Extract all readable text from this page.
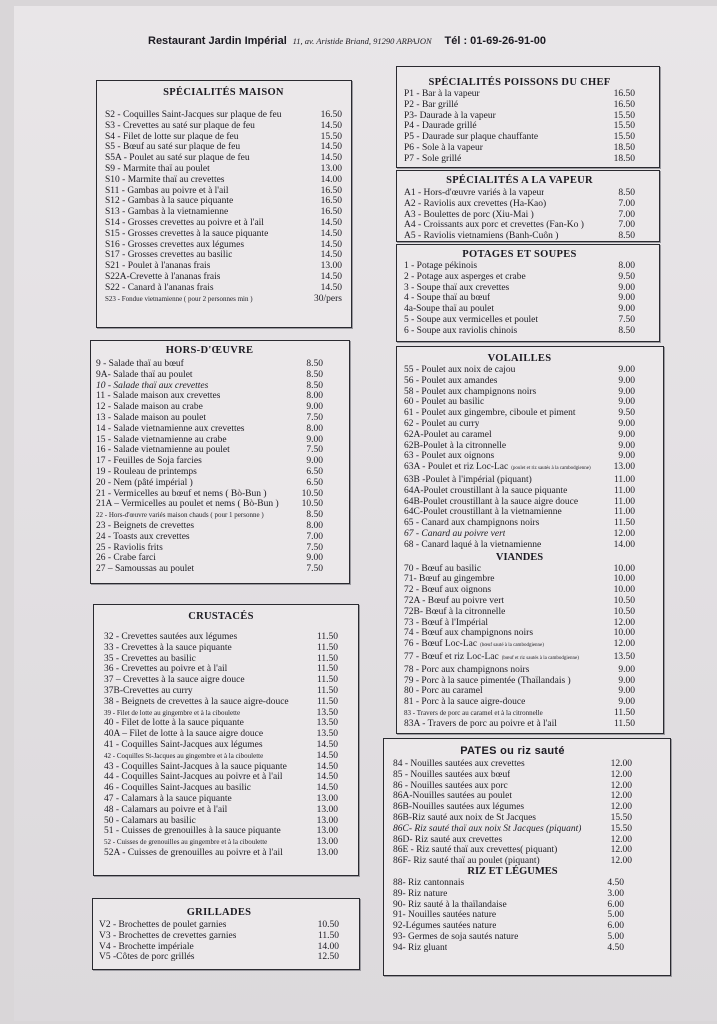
Restaurant Jardin Impérial 11, av. Aristide Briand, 91290 ARPAJON Tél : 01-69-26-91-00
SPÉCIALITÉS MAISON
S2 - Coquilles Saint-Jacques sur plaque de feu	16.50
S3 - Crevettes au saté sur plaque de feu	14.50
S4 - Filet de lotte sur plaque de feu	15.50
S5 - Bœuf au saté sur plaque de feu	14.50
S5A - Poulet au saté sur plaque de feu	14.50
S9 - Marmite thaï au poulet	13.00
S10 - Marmite thaï au crevettes	14.00
S11 - Gambas au poivre et à l'ail	16.50
S12 - Gambas à la sauce piquante	16.50
S13 - Gambas à la vietnamienne	16.50
S14 - Grosses crevettes au poivre et à l'ail	14.50
S15 - Grosses crevettes à la sauce piquante	14.50
S16 - Grosses crevettes aux légumes	14.50
S17 - Grosses crevettes au basilic	14.50
S21 - Poulet à l'ananas frais	13.00
S22A-Crevette à l'ananas frais	14.50
S22 - Canard à l'ananas frais	14.50
S23 - Fondue vietnamienne ( pour 2 personnes min )	30/pers
HORS-D'ŒUVRE
9 - Salade thaï au bœuf	8.50
9A- Salade thaï au poulet	8.50
10 - Salade thaï aux crevettes	8.50
11 - Salade maison aux crevettes	8.00
12 - Salade maison au crabe	9.00
13 - Salade maison au poulet	7.50
14 - Salade vietnamienne aux crevettes	8.00
15 - Salade vietnamienne au crabe	9.00
16 - Salade vietnamienne au poulet	7.50
17 - Feuilles de Soja farcies	9.00
19 - Rouleau de printemps	6.50
20 - Nem (pâté impérial )	6.50
21 - Vermicelles au bœuf et nems ( Bò-Bun )	10.50
21A – Vermicelles au poulet et nems ( Bò-Bun ) 10.50
22 - Hors-d'œuvre variés maison chauds ( pour 1 personne )	8.50
23 - Beignets de crevettes	8.00
24 - Toasts aux crevettes	7.00
25 - Raviolis frits	7.50
26 - Crabe farci	9.00
27 – Samoussas au poulet	7.50
CRUSTACÉS
32 - Crevettes sautées aux légumes	11.50
33 - Crevettes à la sauce piquante	11.50
35 - Crevettes au basilic	11.50
36 - Crevettes au poivre et à l'ail	11.50
37 – Crevettes à la sauce aigre douce	11.50
37B-Crevettes au curry	11.50
38 - Beignets de crevettes à la sauce aigre-douce	11.50
39 - Filet de lotte au gingembre et à la ciboulette	13.50
40 - Filet de lotte à la sauce piquante	13.50
40A – Filet de lotte à la sauce aigre douce	13.50
41 - Coquilles Saint-Jacques aux légumes	14.50
42 - Coquilles St-Jacques au gingembre et à la ciboulette	14.50
43 - Coquilles Saint-Jacques à la sauce piquante	14.50
44 - Coquilles Saint-Jacques au poivre et à l'ail	14.50
46 - Coquilles Saint-Jacques au basilic	14.50
47 - Calamars à la sauce piquante	13.00
48 - Calamars au poivre et à l'ail	13.00
50 - Calamars au basilic	13.00
51 - Cuisses de grenouilles à la sauce piquante	13.00
52 - Cuisses de grenouilles au gingembre et à la ciboulette	13.00
52A - Cuisses de grenouilles au poivre et à l'ail	13.00
GRILLADES
V2 - Brochettes de poulet garnies	10.50
V3 - Brochettes de crevettes garnies	11.50
V4 - Brochette impériale	14.00
V5 -Côtes de porc grillés	12.50
SPÉCIALITÉS POISSONS DU CHEF
P1 - Bar à la vapeur	16.50
P2 - Bar grillé	16.50
P3- Daurade à la vapeur	15.50
P4 - Daurade grillé	15.50
P5 - Daurade sur plaque chauffante	15.50
P6 - Sole à la vapeur	18.50
P7 - Sole grillé	18.50
SPÉCIALITÉS A LA VAPEUR
A1 - Hors-d'œuvre variés à la vapeur	8.50
A2 - Raviolis aux crevettes (Ha-Kao)	7.00
A3 - Boulettes de porc (Xiu-Mai )	7.00
A4 - Croissants aux porc et crevettes (Fan-Ko )	7.00
A5 - Raviolis vietnamiens (Banh-Cuôn )	8.50
POTAGES ET SOUPES
1 - Potage pékinois	8.00
2 - Potage aux asperges et crabe	9.50
3 - Soupe thaï aux crevettes	9.00
4 - Soupe thaï au bœuf	9.00
4a-Soupe thaï au poulet	9.00
5 - Soupe aux vermicelles et poulet	7.50
6 - Soupe aux raviolis chinois	8.50
VOLAILLES
55 - Poulet aux noix de cajou	9.00
56 - Poulet aux amandes	9.00
58 - Poulet aux champignons noirs	9.00
60 - Poulet au basilic	9.00
61 - Poulet aux gingembre, ciboule et piment	9.50
62 - Poulet au curry	9.00
62A-Poulet au caramel	9.00
62B-Poulet à la citronnelle	9.00
63 - Poulet aux oignons	9.00
63A - Poulet et riz Loc-Lac (poulet et riz sautés à la cambodgienne) 13.00
63B -Poulet à l'impérial (piquant)	11.00
64A-Poulet croustillant à la sauce piquante	11.00
64B-Poulet croustillant à la sauce aigre douce	11.00
64C-Poulet croustillant à la vietnamienne	11.00
65 - Canard aux champignons noirs	11.50
67 - Canard au poivre vert	12.00
68 - Canard laqué à la vietnamienne	14.00
VIANDES
70 - Bœuf au basilic	10.00
71- Bœuf au gingembre	10.00
72 - Bœuf aux oignons	10.00
72A - Bœuf au poivre vert	10.50
72B- Bœuf à la citronnelle	10.50
73 - Bœuf à l'Impérial	12.00
74 - Bœuf aux champignons noirs	10.00
76 - Bœuf Loc-Lac (bœuf sauté à la cambodgienne)	12.00
77 - Bœuf et riz Loc-Lac (bœuf et riz sautés à la cambodgienne)	13.50
78 - Porc aux champignons noirs	9.00
79 - Porc à la sauce pimentée (Thaïlandais )	9.00
80 - Porc au caramel	9.00
81 - Porc à la sauce aigre-douce	9.00
83 - Travers de porc au caramel et à la citronnelle	11.50
83A - Travers de porc au poivre et à l'ail	11.50
PATES ou riz sauté
84 - Nouilles sautées aux crevettes	12.00
85 - Nouilles sautées aux bœuf	12.00
86 - Nouilles sautées aux porc	12.00
86A-Nouilles sautées au poulet	12.00
86B-Nouilles sautées aux légumes	12.00
86B-Riz sauté aux noix de St Jacques	15.50
86C- Riz sauté thaï aux noix St Jacques (piquant)	15.50
86D- Riz sauté aux crevettes	12.00
86E - Riz sauté thaï aux crevettes( piquant)	12.00
86F- Riz sauté thaï au poulet (piquant)	12.00
RIZ ET LÉGUMES
88- Riz cantonnais	4.50
89- Riz nature	3.00
90- Riz sauté à la thaïlandaise	6.00
91- Nouilles sautées nature	5.00
92-Légumes sautées nature	6.00
93- Germes de soja sautés nature	5.00
94- Riz gluant	4.50
